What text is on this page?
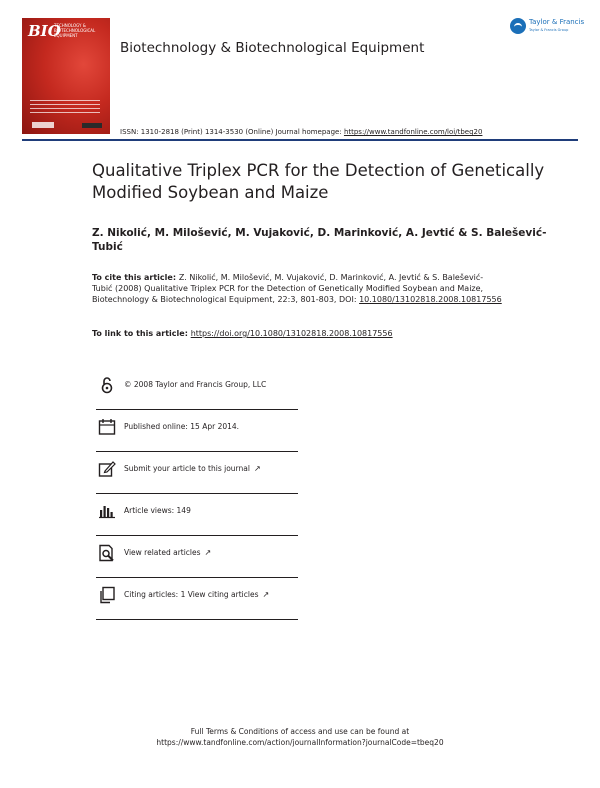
BIO
TECHNOLOGY & BIOTECHNOLOGICAL EQUIPMENT
Biotechnology & Biotechnological Equipment
Taylor & Francis
Taylor & Francis Group
ISSN: 1310-2818 (Print) 1314-3530 (Online) Journal homepage: https://www.tandfonline.com/loi/tbeq20
Qualitative Triplex PCR for the Detection of Genetically Modified Soybean and Maize
Z. Nikolić, M. Milošević, M. Vujaković, D. Marinković, A. Jevtić & S. Balešević-Tubić
To cite this article: Z. Nikolić, M. Milošević, M. Vujaković, D. Marinković, A. Jevtić & S. Balešević-Tubić (2008) Qualitative Triplex PCR for the Detection of Genetically Modified Soybean and Maize, Biotechnology & Biotechnological Equipment, 22:3, 801-803, DOI: 10.1080/13102818.2008.10817556
To link to this article: https://doi.org/10.1080/13102818.2008.10817556
© 2008 Taylor and Francis Group, LLC
Published online: 15 Apr 2014.
Submit your article to this journal ↗
Article views: 149
View related articles ↗
Citing articles: 1 View citing articles ↗
Full Terms & Conditions of access and use can be found at
https://www.tandfonline.com/action/journalInformation?journalCode=tbeq20
